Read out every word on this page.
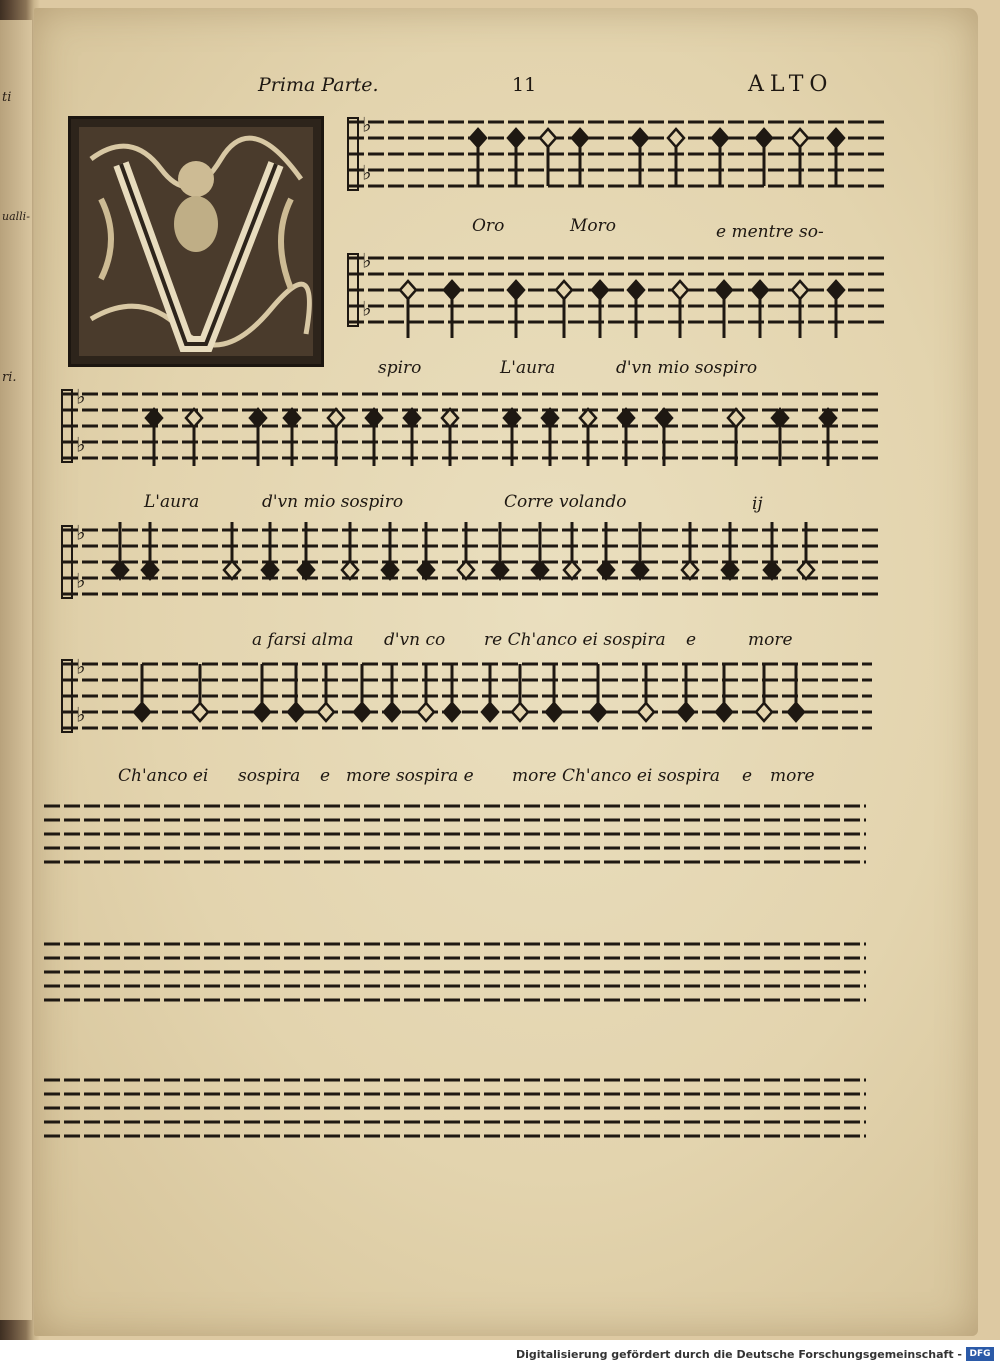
ti
ualli-
ri.
Prima Parte.	11	ALTO
♭
♭
♭
♭
♭
♭
♭
♭
♭
♭
Oro	Moro	e mentre so-
spiro	L'aura	d'vn mio sospiro
L'aura	d'vn mio sospiro	Corre volando	ij
a farsi alma d'vn co re Ch'anco ei sospira e	more
Ch'anco ei sospira e more sospira e more Ch'anco ei sospira e more
Digitalisierung gefördert durch die Deutsche Forschungsgemeinschaft - DFG
